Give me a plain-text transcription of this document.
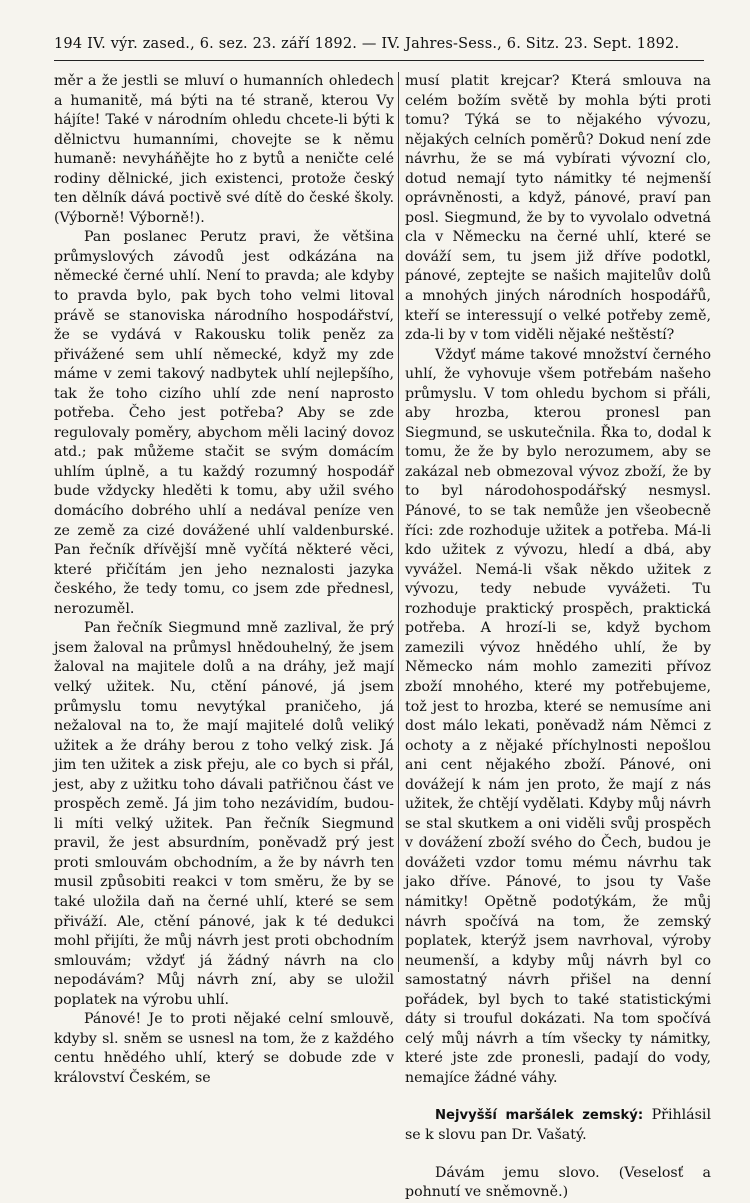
194 IV. výr. zased., 6. sez. 23. září 1892. — IV. Jahres-Sess., 6. Sitz. 23. Sept. 1892.

měr a že jestli se mluví o humanních ohledech a humanitě, má býti na té straně, kterou Vy hájíte! Také v národním ohledu chcete-li býti k dělnictvu humanními, chovejte se k němu humaně: nevyháňějte ho z bytů a neničte celé rodiny dělnické, jich existenci, protože český ten dělník dává poctivě své dítě do české školy. (Výborně! Výborně!).

Pan poslanec Perutz pravi, že většina průmyslových závodů jest odkázána na německé černé uhlí. Není to pravda; ale kdyby to pravda bylo, pak bych toho velmi litoval právě se stanoviska národního hospodářství, že se vydává v Rakousku tolik peněz za přivážené sem uhlí německé, když my zde máme v zemi takový nadbytek uhlí nejlepšího, tak že toho cizího uhlí zde není naprosto potřeba. Čeho jest potřeba? Aby se zde regulovaly poměry, abychom měli laciný dovoz atd.; pak můžeme stačit se svým domácím uhlím úplně, a tu každý rozumný hospodář bude vždycky hleděti k tomu, aby užil svého domácího dobrého uhlí a nedával peníze ven ze země za cizé dovážené uhlí valdenburské. Pan řečník dřívější mně vyčítá některé věci, které přičítám jen jeho neznalosti jazyka českého, že tedy tomu, co jsem zde přednesl, nerozuměl.

Pan řečník Siegmund mně zazlival, že prý jsem žaloval na průmysl hnědouhelný, že jsem žaloval na majitele dolů a na dráhy, jež mají velký užitek. Nu, ctění pánové, já jsem průmyslu tomu nevytýkal praničeho, já nežaloval na to, že mají majitelé dolů veliký užitek a že dráhy berou z toho velký zisk. Já jim ten užitek a zisk přeju, ale co bych si přál, jest, aby z užitku toho dávali patřičnou část ve prospěch země. Já jim toho nezávidím, budou-li míti velký užitek. Pan řečník Siegmund pravil, že jest absurdním, poněvadž prý jest proti smlouvám obchodním, a že by návrh ten musil způsobiti reakci v tom směru, že by se také uložila daň na černé uhlí, které se sem přiváží. Ale, ctění pánové, jak k té dedukci mohl přijíti, že můj návrh jest proti obchodním smlouvám; vždyť já žádný návrh na clo nepodávám? Můj návrh zní, aby se uložil poplatek na výrobu uhlí.

Pánové! Je to proti nějaké celní smlouvě, kdyby sl. sněm se usnesl na tom, že z každého centu hnědého uhlí, který se dobude zde v království Českém, se

musí platit krejcar? Která smlouva na celém božím světě by mohla býti proti tomu? Týká se to nějakého vývozu, nějakých celních poměrů? Dokud není zde návrhu, že se má vybírati vývozní clo, dotud nemají tyto námitky té nejmenší oprávněnosti, a když, pánové, praví pan posl. Siegmund, že by to vyvolalo odvetná cla v Německu na černé uhlí, které se dováží sem, tu jsem již dříve podotkl, pánové, zeptejte se našich majitelův dolů a mnohých jiných národních hospodářů, kteří se interessují o velké potřeby země, zda-li by v tom viděli nějaké neštěstí?

Vždyť máme takové množství černého uhlí, že vyhovuje všem potřebám našeho průmyslu. V tom ohledu bychom si přáli, aby hrozba, kterou pronesl pan Siegmund, se uskutečnila. Řka to, dodal k tomu, že že by bylo nerozumem, aby se zakázal neb obmezoval vývoz zboží, že by to byl národohospodářský nesmysl. Pánové, to se tak nemůže jen všeobecně říci: zde rozhoduje užitek a potřeba. Má-li kdo užitek z vývozu, hledí a dbá, aby vyvážel. Nemá-li však někdo užitek z vývozu, tedy nebude vyvážeti. Tu rozhoduje praktický prospěch, praktická potřeba. A hrozí-li se, když bychom zamezili vývoz hnědého uhlí, že by Německo nám mohlo zameziti přívoz zboží mnohého, které my potřebujeme, tož jest to hrozba, které se nemusíme ani dost málo lekati, poněvadž nám Němci z ochoty a z nějaké příchylnosti nepošlou ani cent nějakého zboží. Pánové, oni dovážejí k nám jen proto, že mají z nás užitek, že chtějí vydělati. Kdyby můj návrh se stal skutkem a oni viděli svůj prospěch v dovážení zboží svého do Čech, budou je dovážeti vzdor tomu mému návrhu tak jako dříve. Pánové, to jsou ty Vaše námitky! Opětně podotýkám, že můj návrh spočívá na tom, že zemský poplatek, kterýž jsem navrhoval, výroby neumenší, a kdyby můj návrh byl co samostatný návrh přišel na denní pořádek, byl bych to také statistickými dáty si trouful dokázati. Na tom spočívá celý můj návrh a tím všecky ty námitky, které jste zde pronesli, padají do vody, nemajíce žádné váhy.

Nejvyšší maršálek zemský: Přihlásil se k slovu pan Dr. Vašatý.

Dávám jemu slovo. (Veselosť a pohnutí ve sněmovně.)
